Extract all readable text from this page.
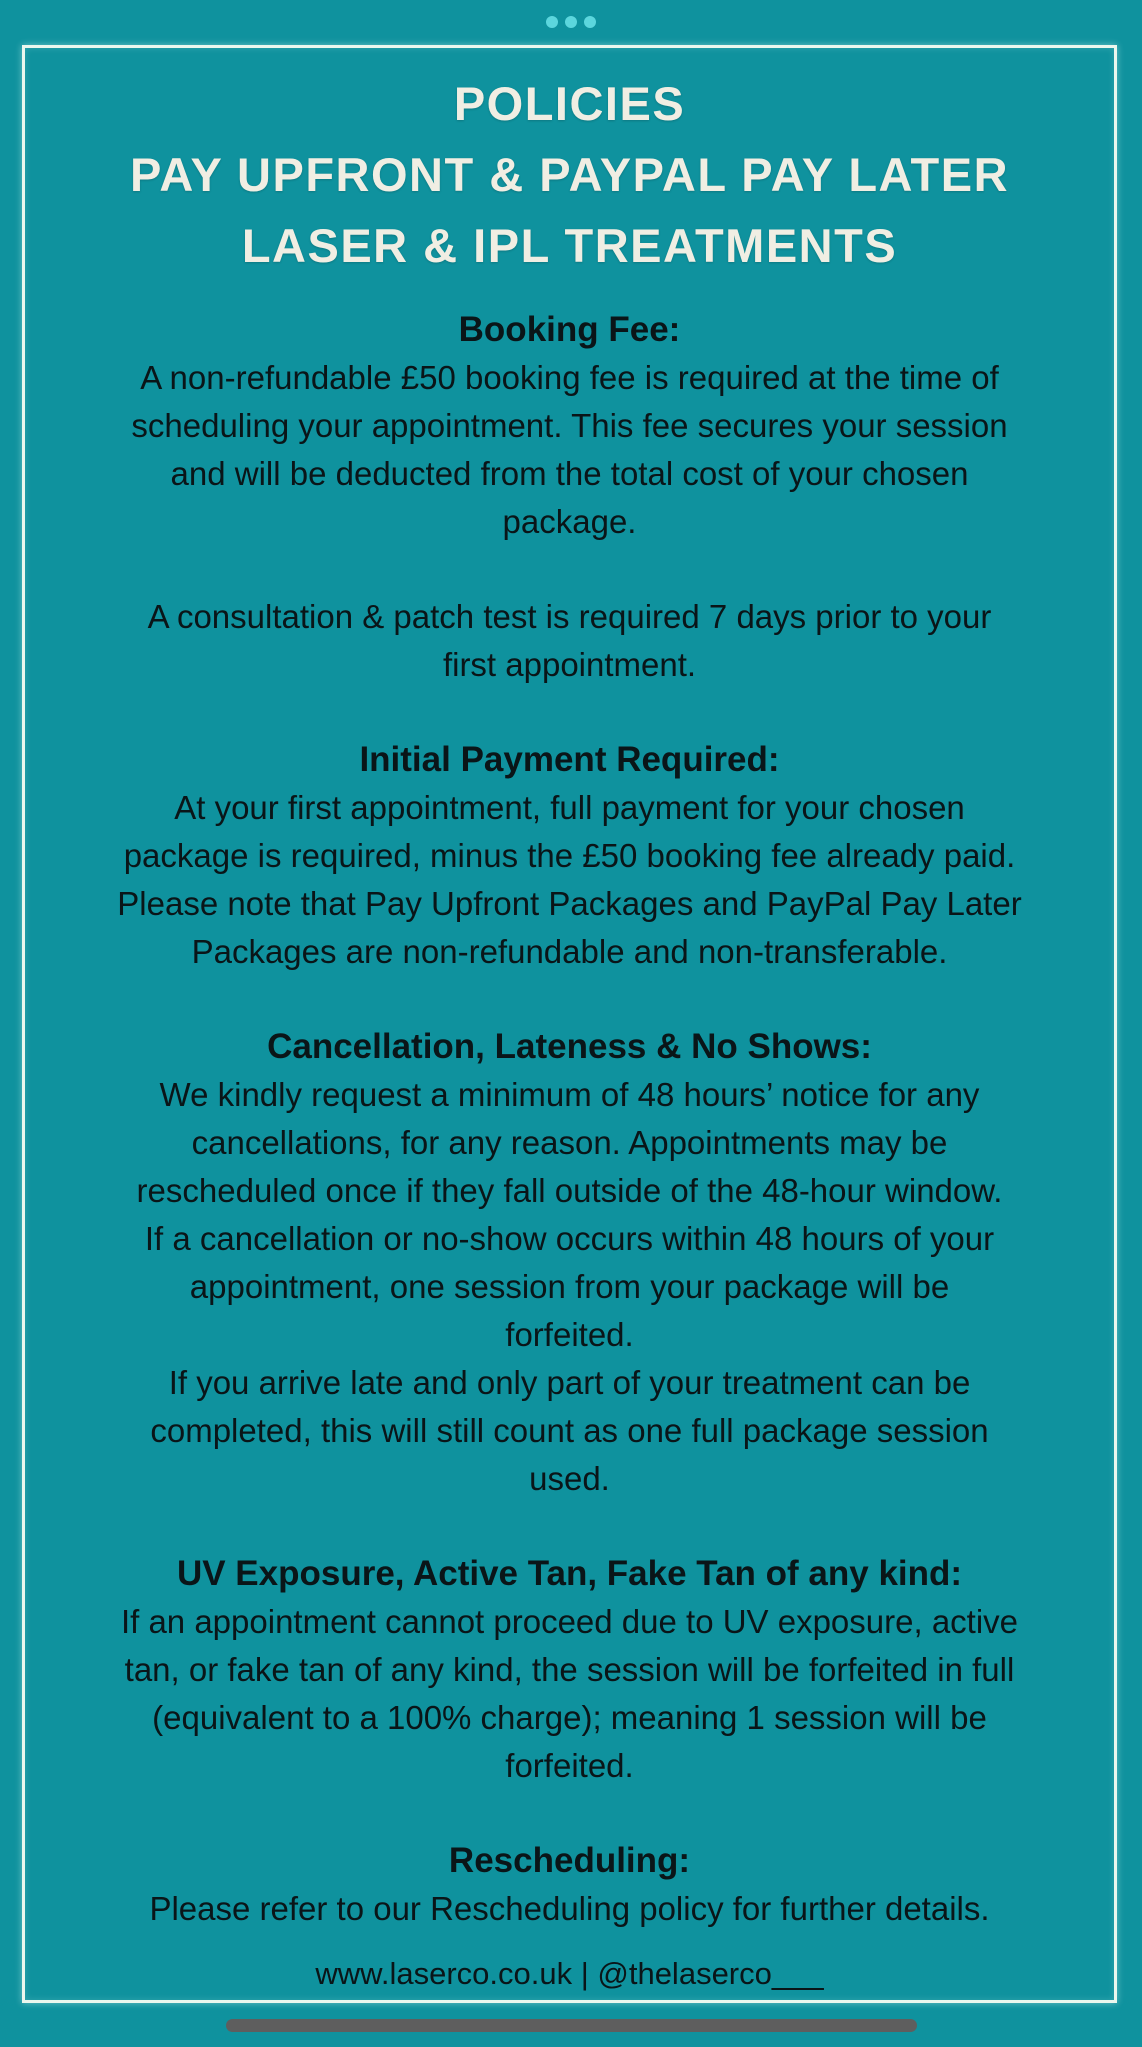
POLICIES
PAY UPFRONT & PAYPAL PAY LATER
LASER & IPL TREATMENTS
Booking Fee:
A non-refundable £50 booking fee is required at the time of
scheduling your appointment. This fee secures your session
and will be deducted from the total cost of your chosen
package.
A consultation & patch test is required 7 days prior to your
first appointment.
Initial Payment Required:
At your first appointment, full payment for your chosen
package is required, minus the £50 booking fee already paid.
Please note that Pay Upfront Packages and PayPal Pay Later
Packages are non-refundable and non-transferable.
Cancellation, Lateness & No Shows:
We kindly request a minimum of 48 hours’ notice for any
cancellations, for any reason. Appointments may be
rescheduled once if they fall outside of the 48-hour window.
If a cancellation or no-show occurs within 48 hours of your
appointment, one session from your package will be
forfeited.
If you arrive late and only part of your treatment can be
completed, this will still count as one full package session
used.
UV Exposure, Active Tan, Fake Tan of any kind:
If an appointment cannot proceed due to UV exposure, active
tan, or fake tan of any kind, the session will be forfeited in full
(equivalent to a 100% charge); meaning 1 session will be
forfeited.
Rescheduling:
Please refer to our Rescheduling policy for further details.
www.laserco.co.uk | @thelaserco___
